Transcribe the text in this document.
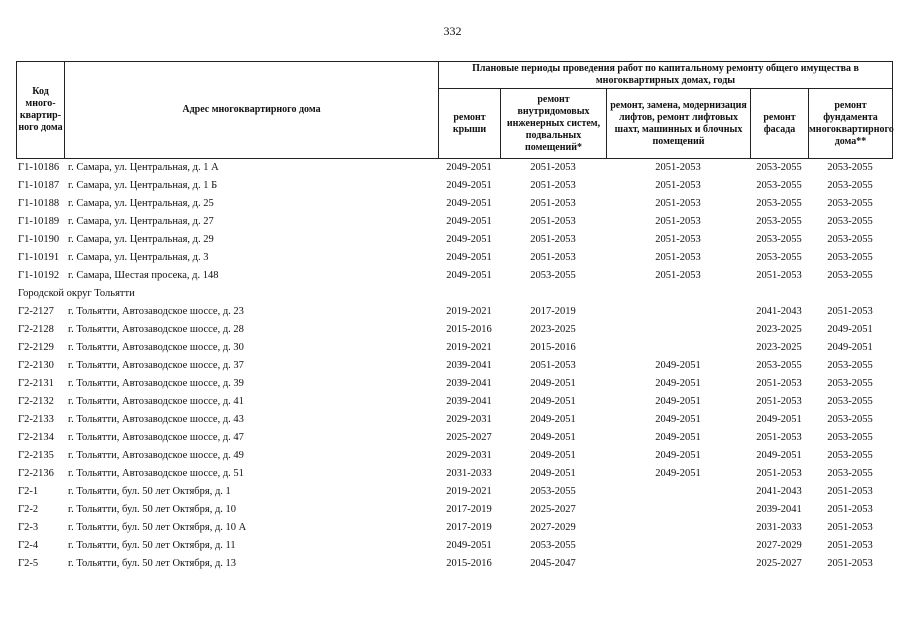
332
Код много-квартир-ного дома	Адрес многоквартирного дома	Плановые периоды проведения работ по капитальному ремонту общего имущества в многоквартирных домах, годы				
		ремонт крыши	ремонт внутридомовых инженерных систем, подвальных помещений*	ремонт, замена, модернизация лифтов, ремонт лифтовых шахт, машинных и блочных помещений	ремонт фасада	ремонт фундамента многоквартирного дома**
Г1-10186	г. Самара, ул. Центральная, д. 1 А	2049-2051	2051-2053	2051-2053	2053-2055	2053-2055
Г1-10187	г. Самара, ул. Центральная, д. 1 Б	2049-2051	2051-2053	2051-2053	2053-2055	2053-2055
Г1-10188	г. Самара, ул. Центральная, д. 25	2049-2051	2051-2053	2051-2053	2053-2055	2053-2055
Г1-10189	г. Самара, ул. Центральная, д. 27	2049-2051	2051-2053	2051-2053	2053-2055	2053-2055
Г1-10190	г. Самара, ул. Центральная, д. 29	2049-2051	2051-2053	2051-2053	2053-2055	2053-2055
Г1-10191	г. Самара, ул. Центральная, д. 3	2049-2051	2051-2053	2051-2053	2053-2055	2053-2055
Г1-10192	г. Самара, Шестая просека, д. 148	2049-2051	2053-2055	2051-2053	2051-2053	2053-2055
Городской округ Тольятти						
Г2-2127	г. Тольятти, Автозаводское шоссе, д. 23	2019-2021	2017-2019		2041-2043	2051-2053
Г2-2128	г. Тольятти, Автозаводское шоссе, д. 28	2015-2016	2023-2025		2023-2025	2049-2051
Г2-2129	г. Тольятти, Автозаводское шоссе, д. 30	2019-2021	2015-2016		2023-2025	2049-2051
Г2-2130	г. Тольятти, Автозаводское шоссе, д. 37	2039-2041	2051-2053	2049-2051	2053-2055	2053-2055
Г2-2131	г. Тольятти, Автозаводское шоссе, д. 39	2039-2041	2049-2051	2049-2051	2051-2053	2053-2055
Г2-2132	г. Тольятти, Автозаводское шоссе, д. 41	2039-2041	2049-2051	2049-2051	2051-2053	2053-2055
Г2-2133	г. Тольятти, Автозаводское шоссе, д. 43	2029-2031	2049-2051	2049-2051	2049-2051	2053-2055
Г2-2134	г. Тольятти, Автозаводское шоссе, д. 47	2025-2027	2049-2051	2049-2051	2051-2053	2053-2055
Г2-2135	г. Тольятти, Автозаводское шоссе, д. 49	2029-2031	2049-2051	2049-2051	2049-2051	2053-2055
Г2-2136	г. Тольятти, Автозаводское шоссе, д. 51	2031-2033	2049-2051	2049-2051	2051-2053	2053-2055
Г2-1	г. Тольятти, бул. 50 лет Октября, д. 1	2019-2021	2053-2055		2041-2043	2051-2053
Г2-2	г. Тольятти, бул. 50 лет Октября, д. 10	2017-2019	2025-2027		2039-2041	2051-2053
Г2-3	г. Тольятти, бул. 50 лет Октября, д. 10 А	2017-2019	2027-2029		2031-2033	2051-2053
Г2-4	г. Тольятти, бул. 50 лет Октября, д. 11	2049-2051	2053-2055		2027-2029	2051-2053
Г2-5	г. Тольятти, бул. 50 лет Октября, д. 13	2015-2016	2045-2047		2025-2027	2051-2053
